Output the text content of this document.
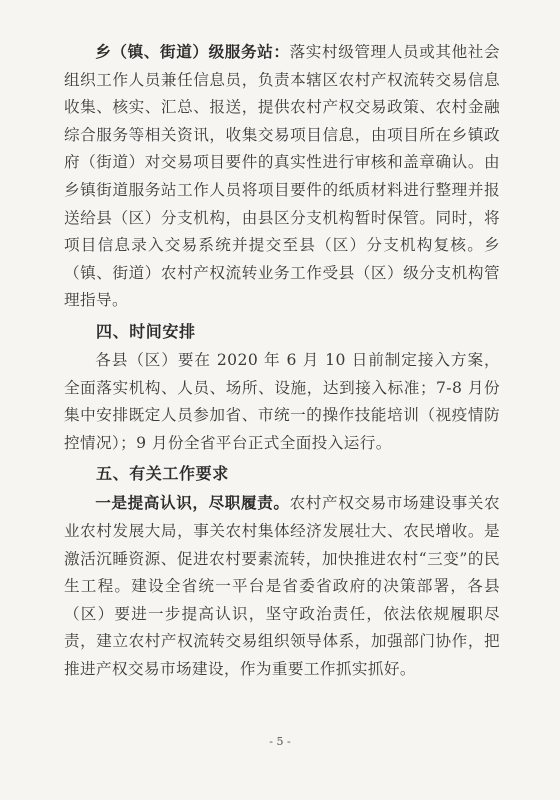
乡（镇、街道）级服务站：落实村级管理人员或其他社会组织工作人员兼任信息员，负责本辖区农村产权流转交易信息收集、核实、汇总、报送，提供农村产权交易政策、农村金融综合服务等相关资讯，收集交易项目信息，由项目所在乡镇政府（街道）对交易项目要件的真实性进行审核和盖章确认。由乡镇街道服务站工作人员将项目要件的纸质材料进行整理并报送给县（区）分支机构，由县区分支机构暂时保管。同时，将项目信息录入交易系统并提交至县（区）分支机构复核。乡（镇、街道）农村产权流转业务工作受县（区）级分支机构管理指导。

四、时间安排

各县（区）要在 2020 年 6 月 10 日前制定接入方案，全面落实机构、人员、场所、设施，达到接入标准；7-8 月份集中安排既定人员参加省、市统一的操作技能培训（视疫情防控情况）；9 月份全省平台正式全面投入运行。

五、有关工作要求

一是提高认识，尽职履责。农村产权交易市场建设事关农业农村发展大局，事关农村集体经济发展壮大、农民增收。是激活沉睡资源、促进农村要素流转，加快推进农村“三变”的民生工程。建设全省统一平台是省委省政府的决策部署，各县（区）要进一步提高认识，坚守政治责任，依法依规履职尽责，建立农村产权流转交易组织领导体系，加强部门协作，把推进产权交易市场建设，作为重要工作抓实抓好。

- 5 -
